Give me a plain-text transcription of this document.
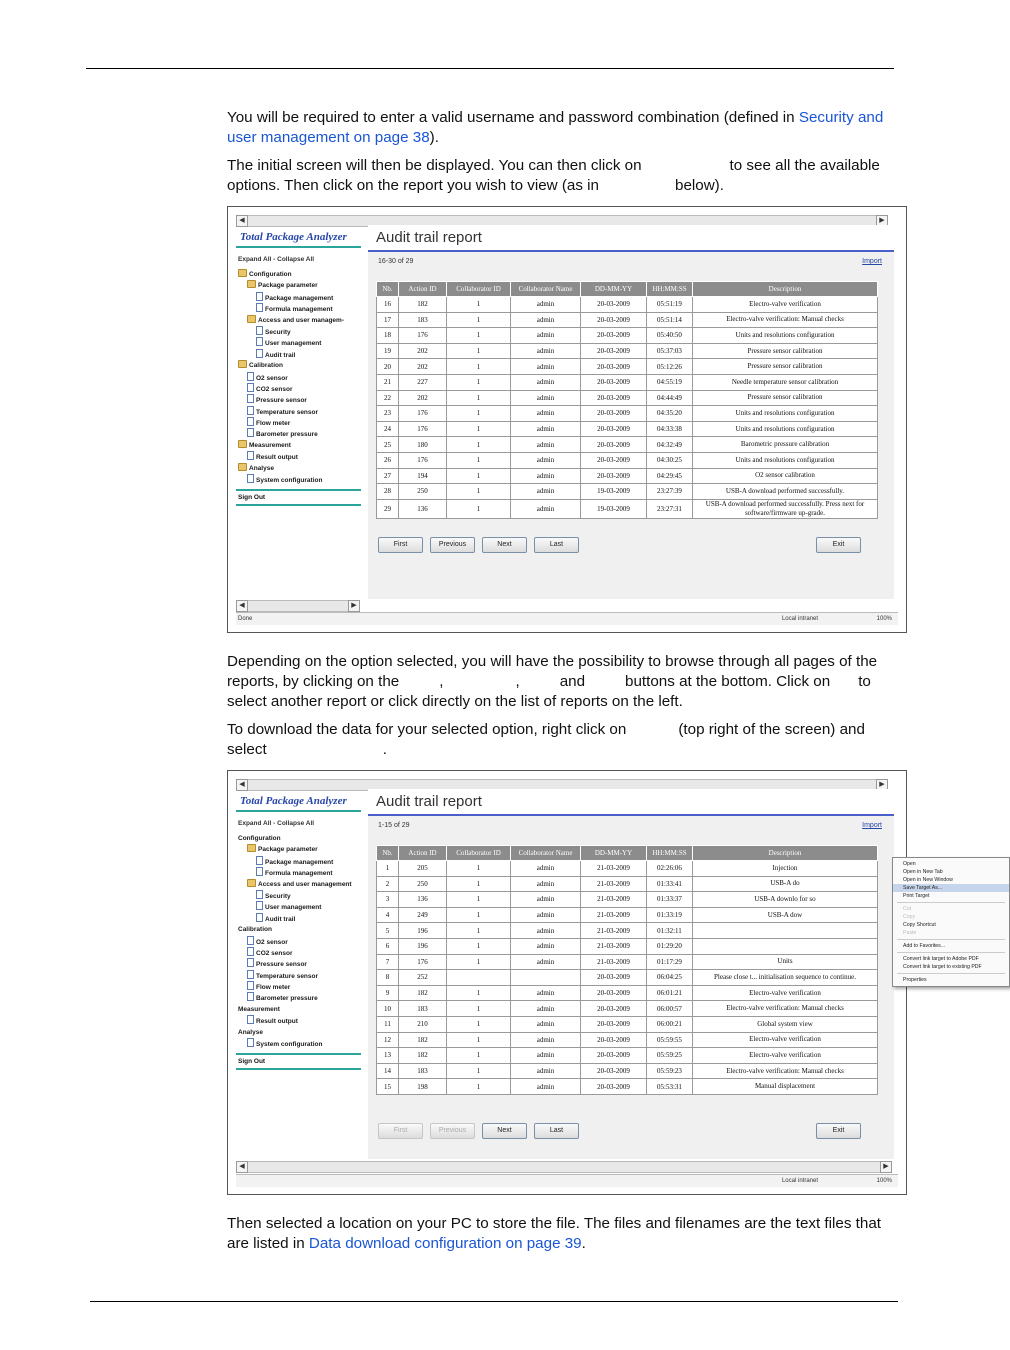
You will be required to enter a valid username and password combination (defined in Security and user management on page 38).

The initial screen will then be displayed. You can then click on	to see all the available options. Then click on the report you wish to view (as in	below).

◀	▶
Total Package Analyzer
Expand All - Collapse All
Configuration
Package parameter
Package management
Formula management
Access and user managem-
Security
User management
Audit trail
Calibration
O2 sensor
CO2 sensor
Pressure sensor
Temperature sensor
Flow meter
Barometer pressure
Measurement
Result output
Analyse
System configuration
Sign Out
Audit trail report
16-30 of 29	Import
Nb.	Action ID	Collaborator ID	Collaborator Name	DD-MM-YY	HH:MM:SS	Description
16	182	1	admin	20-03-2009	05:51:19	Electro-valve verification
17	183	1	admin	20-03-2009	05:51:14	Electro-valve verification: Manual checks
18	176	1	admin	20-03-2009	05:40:50	Units and resolutions configuration
19	202	1	admin	20-03-2009	05:37:03	Pressure sensor calibration
20	202	1	admin	20-03-2009	05:12:26	Pressure sensor calibration
21	227	1	admin	20-03-2009	04:55:19	Needle temperature sensor calibration
22	202	1	admin	20-03-2009	04:44:49	Pressure sensor calibration
23	176	1	admin	20-03-2009	04:35:20	Units and resolutions configuration
24	176	1	admin	20-03-2009	04:33:38	Units and resolutions configuration
25	180	1	admin	20-03-2009	04:32:49	Barometric pressure calibration
26	176	1	admin	20-03-2009	04:30:25	Units and resolutions configuration
27	194	1	admin	20-03-2009	04:29:45	O2 sensor calibration
28	250	1	admin	19-03-2009	23:27:39	USB-A download performed successfully.
29	136	1	admin	19-03-2009	23:27:31	USB-A download performed successfully. Press next for software/firmware up-grade.
First	Previous	Next	Last	Exit
◀	▶
Done	Local intranet	100%

Depending on the option selected, you will have the possibility to browse through all pages of the reports, by clicking on the	,	,	and	buttons at the bottom. Click on to select another report or click directly on the list of reports on the left.

To download the data for your selected option, right click on	(top right of the screen) and select	.

◀	▶
Total Package Analyzer
Expand All - Collapse All
Configuration
Package parameter
Package management
Formula management
Access and user management
Security
User management
Audit trail
Calibration
O2 sensor
CO2 sensor
Pressure sensor
Temperature sensor
Flow meter
Barometer pressure
Measurement
Result output
Analyse
System configuration
Sign Out
Audit trail report
1-15 of 29	Import
Nb.	Action ID	Collaborator ID	Collaborator Name	DD-MM-YY	HH:MM:SS	Description
1	205	1	admin	21-03-2009	02:26:06	Injection
2	250	1	admin	21-03-2009	01:33:41	USB-A do
3	136	1	admin	21-03-2009	01:33:37	USB-A downlo for so
4	249	1	admin	21-03-2009	01:33:19	USB-A dow
5	196	1	admin	21-03-2009	01:32:11	
6	196	1	admin	21-03-2009	01:29:20	
7	176	1	admin	21-03-2009	01:17:29	Units
8	252			20-03-2009	06:04:25	Please close t... initialisation sequence to continue.
9	182	1	admin	20-03-2009	06:01:21	Electro-valve verification
10	183	1	admin	20-03-2009	06:00:57	Electro-valve verification: Manual checks
11	210	1	admin	20-03-2009	06:00:21	Global system view
12	182	1	admin	20-03-2009	05:59:55	Electro-valve verification
13	182	1	admin	20-03-2009	05:59:25	Electro-valve verification
14	183	1	admin	20-03-2009	05:59:23	Electro-valve verification: Manual checks
15	198	1	admin	20-03-2009	05:53:31	Manual displacement
Open
Open in New Tab
Open in New Window
Save Target As...
Print Target
Cut
Copy
Copy Shortcut
Paste
Add to Favorites...
Convert link target to Adobe PDF
Convert link target to existing PDF
Properties
First	Previous	Next	Last	Exit
◀	▶
Local intranet	100%

Then selected a location on your PC to store the file. The files and filenames are the text files that are listed in Data download configuration on page 39.
